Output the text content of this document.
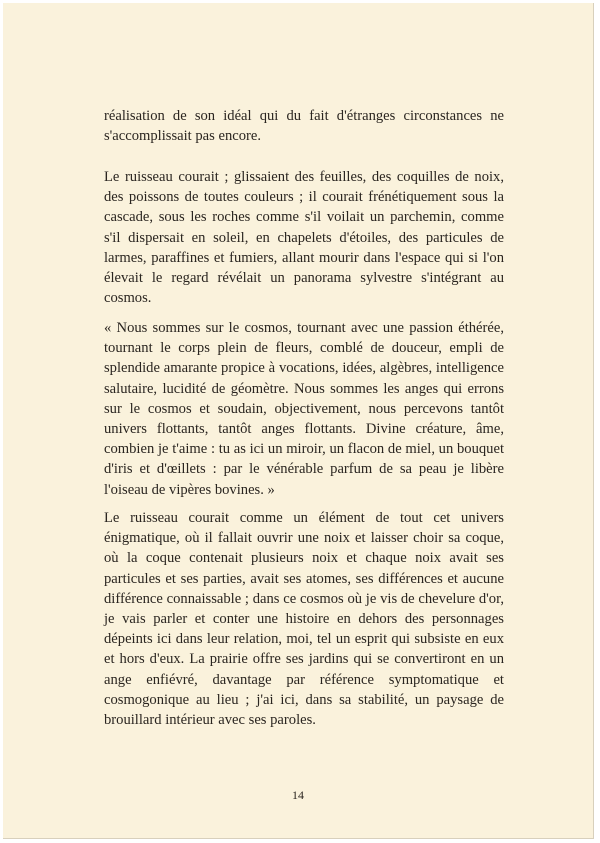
réalisation de son idéal qui du fait d'étranges circonstances ne s'accomplissait pas encore.

Le ruisseau courait ; glissaient des feuilles, des coquilles de noix, des poissons de toutes couleurs ; il courait frénétiquement sous la cascade, sous les roches comme s'il voilait un parchemin, comme s'il dispersait en soleil, en chapelets d'étoiles, des particules de larmes, paraffines et fumiers, allant mourir dans l'espace qui si l'on élevait le regard révélait un panorama sylvestre s'intégrant au cosmos.

« Nous sommes sur le cosmos, tournant avec une passion éthérée, tournant le corps plein de fleurs, comblé de douceur, empli de splendide amarante propice à vocations, idées, algèbres, intelligence salutaire, lucidité de géomètre. Nous sommes les anges qui errons sur le cosmos et soudain, objectivement, nous percevons tantôt univers flottants, tantôt anges flottants. Divine créature, âme, combien je t'aime : tu as ici un miroir, un flacon de miel, un bouquet d'iris et d'œillets : par le vénérable parfum de sa peau je libère l'oiseau de vipères bovines. »

Le ruisseau courait comme un élément de tout cet univers énigmatique, où il fallait ouvrir une noix et laisser choir sa coque, où la coque contenait plusieurs noix et chaque noix avait ses particules et ses parties, avait ses atomes, ses différences et aucune différence connaissable ; dans ce cosmos où je vis de chevelure d'or, je vais parler et conter une histoire en dehors des personnages dépeints ici dans leur relation, moi, tel un esprit qui subsiste en eux et hors d'eux. La prairie offre ses jardins qui se convertiront en un ange enfiévré, davantage par référence symptomatique et cosmogonique au lieu ; j'ai ici, dans sa stabilité, un paysage de brouillard intérieur avec ses paroles.

14
